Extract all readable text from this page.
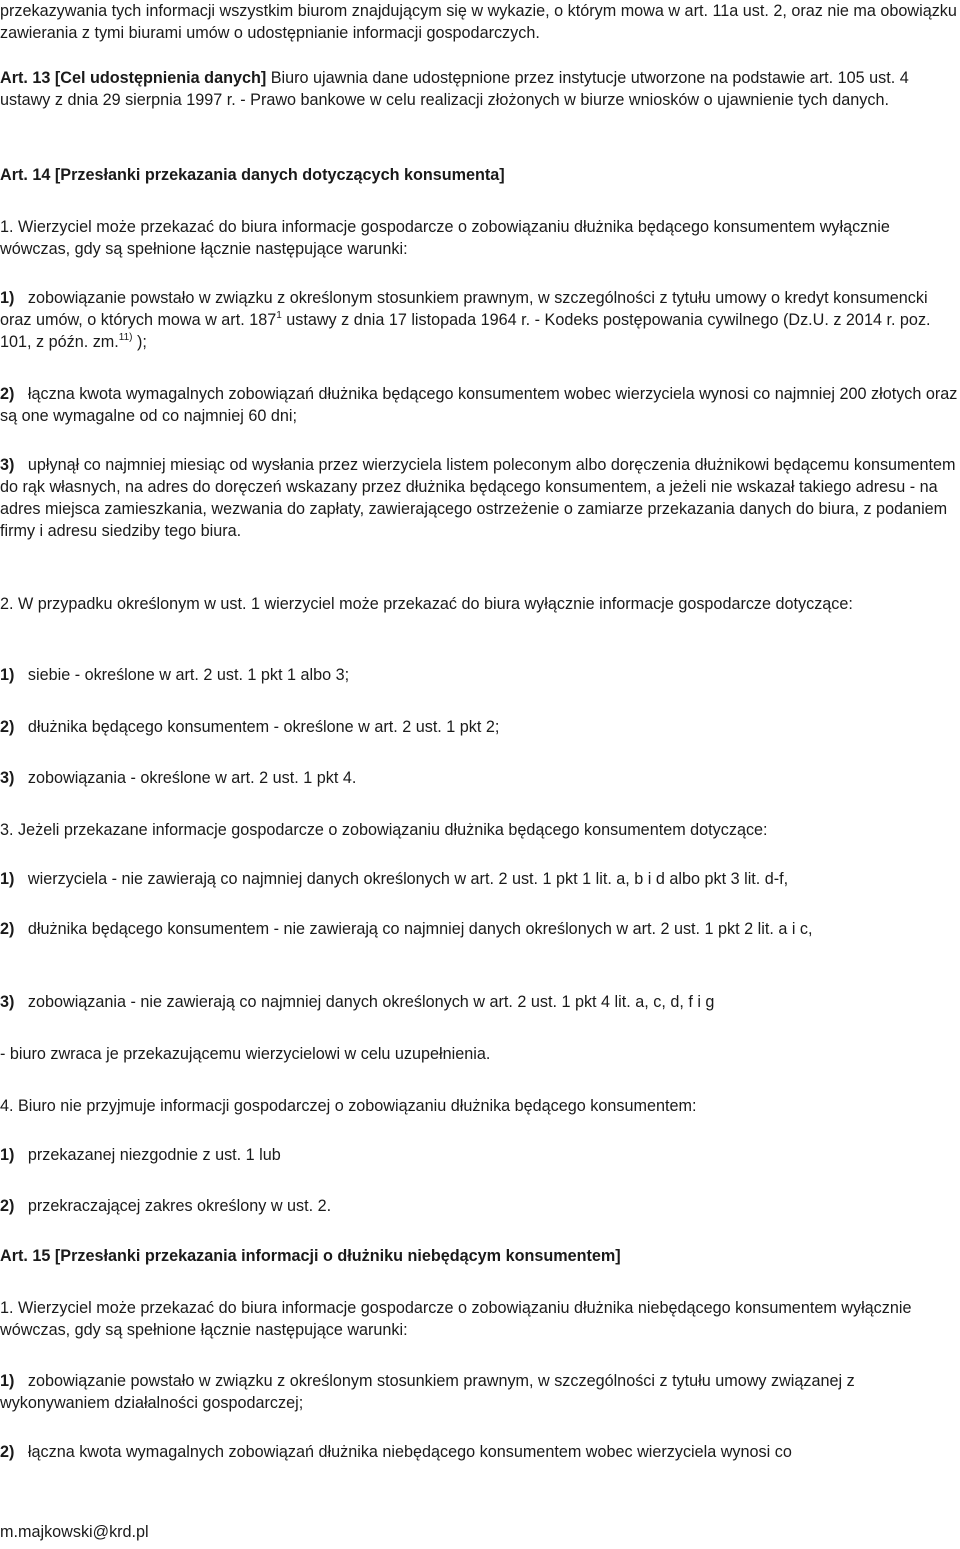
przekazywania tych informacji wszystkim biurom znajdującym się w wykazie, o którym mowa w art. 11a ust. 2, oraz nie ma obowiązku zawierania z tymi biurami umów o udostępnianie informacji gospodarczych.

Art. 13 [Cel udostępnienia danych] Biuro ujawnia dane udostępnione przez instytucje utworzone na podstawie art. 105 ust. 4 ustawy z dnia 29 sierpnia 1997 r. - Prawo bankowe w celu realizacji złożonych w biurze wniosków o ujawnienie tych danych.

Art. 14 [Przesłanki przekazania danych dotyczących konsumenta]

1. Wierzyciel może przekazać do biura informacje gospodarcze o zobowiązaniu dłużnika będącego konsumentem wyłącznie wówczas, gdy są spełnione łącznie następujące warunki:

1) zobowiązanie powstało w związku z określonym stosunkiem prawnym, w szczególności z tytułu umowy o kredyt konsumencki oraz umów, o których mowa w art. $187^1$ ustawy z dnia 17 listopada 1964 r. - Kodeks postępowania cywilnego (Dz.U. z 2014 r. poz. 101, z późn. zm.$^{11)}$ );

2) łączna kwota wymagalnych zobowiązań dłużnika będącego konsumentem wobec wierzyciela wynosi co najmniej 200 złotych oraz są one wymagalne od co najmniej 60 dni;

3) upłynął co najmniej miesiąc od wysłania przez wierzyciela listem poleconym albo doręczenia dłużnikowi będącemu konsumentem do rąk własnych, na adres do doręczeń wskazany przez dłużnika będącego konsumentem, a jeżeli nie wskazał takiego adresu - na adres miejsca zamieszkania, wezwania do zapłaty, zawierającego ostrzeżenie o zamiarze przekazania danych do biura, z podaniem firmy i adresu siedziby tego biura.

2. W przypadku określonym w ust. 1 wierzyciel może przekazać do biura wyłącznie informacje gospodarcze dotyczące:

1) siebie - określone w art. 2 ust. 1 pkt 1 albo 3;

2) dłużnika będącego konsumentem - określone w art. 2 ust. 1 pkt 2;

3) zobowiązania - określone w art. 2 ust. 1 pkt 4.

3. Jeżeli przekazane informacje gospodarcze o zobowiązaniu dłużnika będącego konsumentem dotyczące:

1) wierzyciela - nie zawierają co najmniej danych określonych w art. 2 ust. 1 pkt 1 lit. a, b i d albo pkt 3 lit. d-f,

2) dłużnika będącego konsumentem - nie zawierają co najmniej danych określonych w art. 2 ust. 1 pkt 2 lit. a i c,

3) zobowiązania - nie zawierają co najmniej danych określonych w art. 2 ust. 1 pkt 4 lit. a, c, d, f i g

- biuro zwraca je przekazującemu wierzycielowi w celu uzupełnienia.

4. Biuro nie przyjmuje informacji gospodarczej o zobowiązaniu dłużnika będącego konsumentem:

1) przekazanej niezgodnie z ust. 1 lub

2) przekraczającej zakres określony w ust. 2.

Art. 15 [Przesłanki przekazania informacji o dłużniku niebędącym konsumentem]

1. Wierzyciel może przekazać do biura informacje gospodarcze o zobowiązaniu dłużnika niebędącego konsumentem wyłącznie wówczas, gdy są spełnione łącznie następujące warunki:

1) zobowiązanie powstało w związku z określonym stosunkiem prawnym, w szczególności z tytułu umowy związanej z wykonywaniem działalności gospodarczej;

2) łączna kwota wymagalnych zobowiązań dłużnika niebędącego konsumentem wobec wierzyciela wynosi co

m.majkowski@krd.pl
